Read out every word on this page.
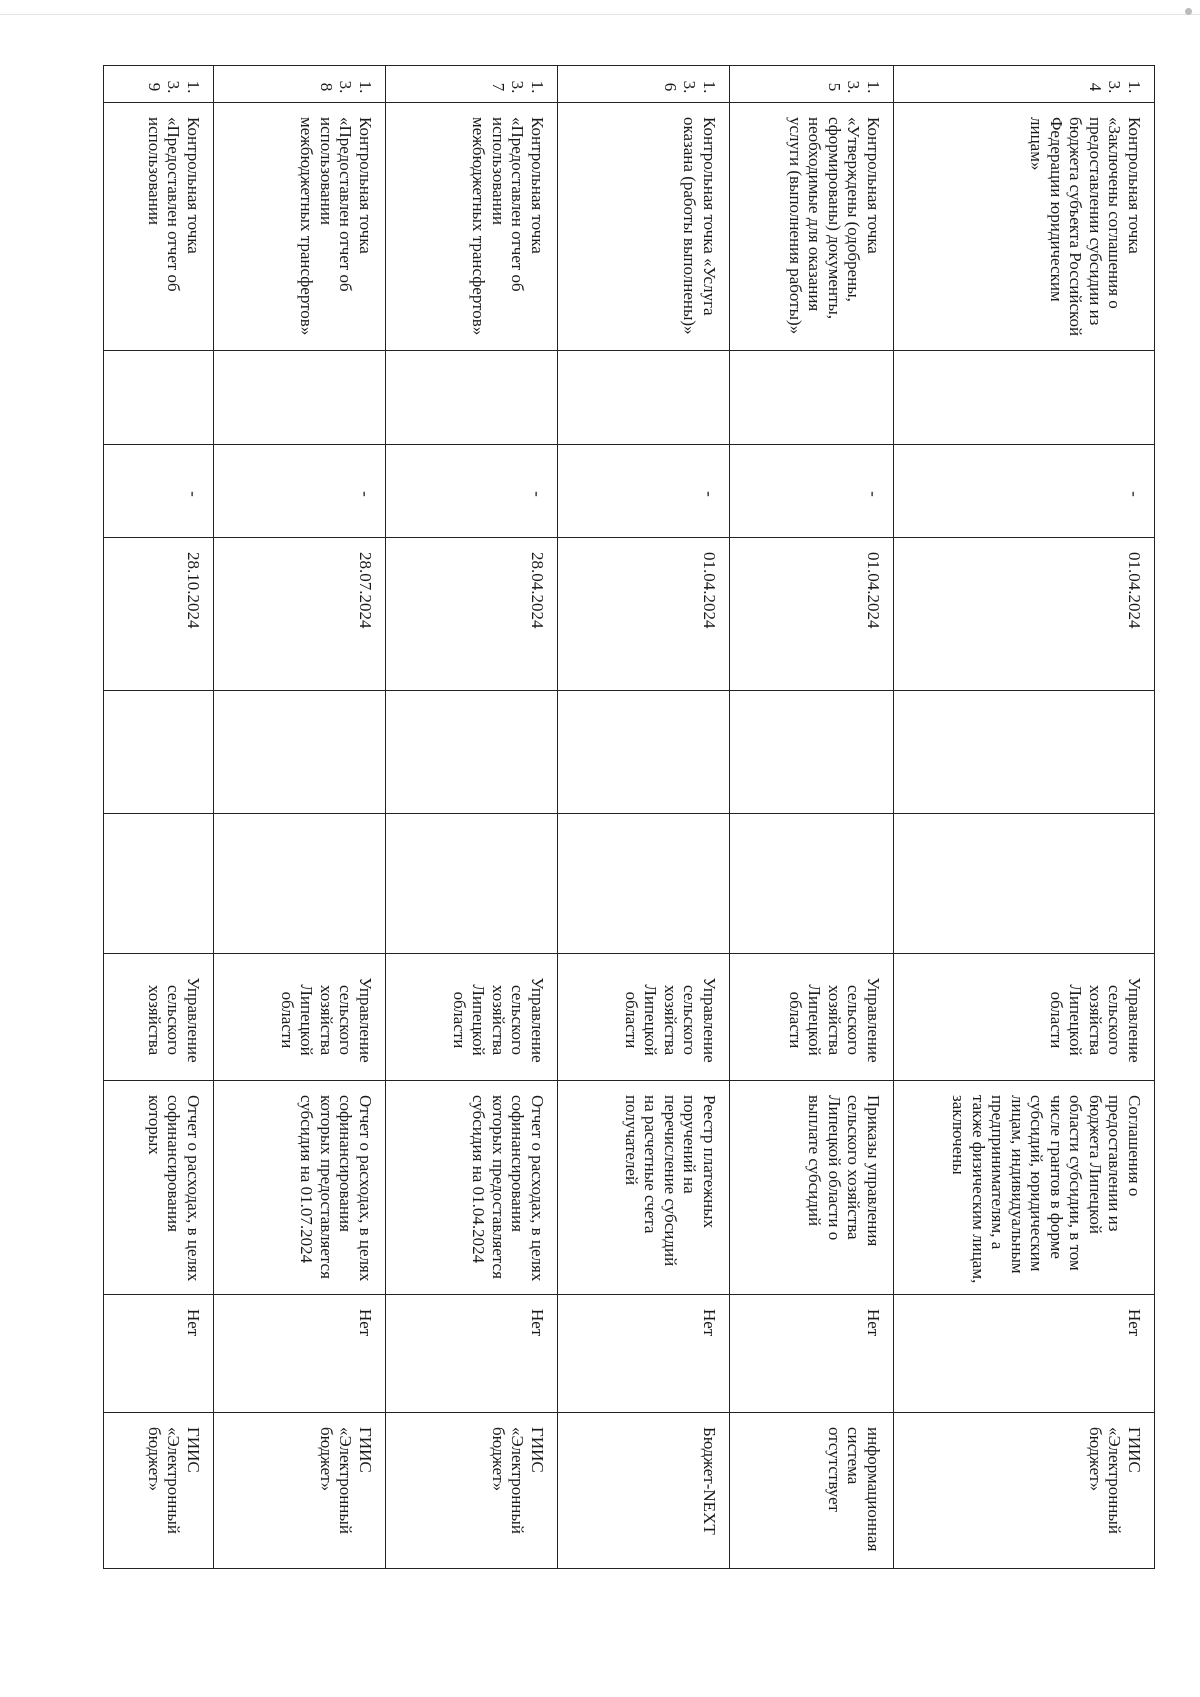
1.3.4	Контрольная точка «Заключены соглашения о предоставлении субсидии из бюджета субъекта Российской Федерации юридическим лицам»		-	01.04.2024			Управление сельского хозяйства Липецкой области	Соглашения о предоставлении из бюджета Липецкой области субсидии, в том числе грантов в форме субсидий, юридическим лицам, индивидуальным предпринимателям, а также физическим лицам, заключены	Нет	ГИИС «Электронный бюджет»
1.3.5	Контрольная точка «Утверждены (одобрены, сформированы) документы, необходимые для оказания услуги (выполнения работы)»		-	01.04.2024			Управление сельского хозяйства Липецкой области	Приказы управления сельского хозяйства Липецкой области о выплате субсидий	Нет	информационная система отсутствует
1.3.6	Контрольная точка «Услуга оказана (работы выполнены)»		-	01.04.2024			Управление сельского хозяйства Липецкой области	Реестр платежных поручений на перечисление субсидий на расчетные счета получателей	Нет	Бюджет-NEXT
1.3.7	Контрольная точка «Предоставлен отчет об использовании межбюджетных трансфертов»		-	28.04.2024			Управление сельского хозяйства Липецкой области	Отчет о расходах, в целях софинансирования которых предоставляется субсидия на 01.04.2024	Нет	ГИИС «Электронный бюджет»
1.3.8	Контрольная точка «Предоставлен отчет об использовании межбюджетных трансфертов»		-	28.07.2024			Управление сельского хозяйства Липецкой области	Отчет о расходах, в целях софинансирования которых предоставляется субсидия на 01.07.2024	Нет	ГИИС «Электронный бюджет»
1.3.9	Контрольная точка «Предоставлен отчет об использовании		-	28.10.2024			Управление сельского хозяйства	Отчет о расходах, в целях софинансирования которых	Нет	ГИИС «Электронный бюджет»
